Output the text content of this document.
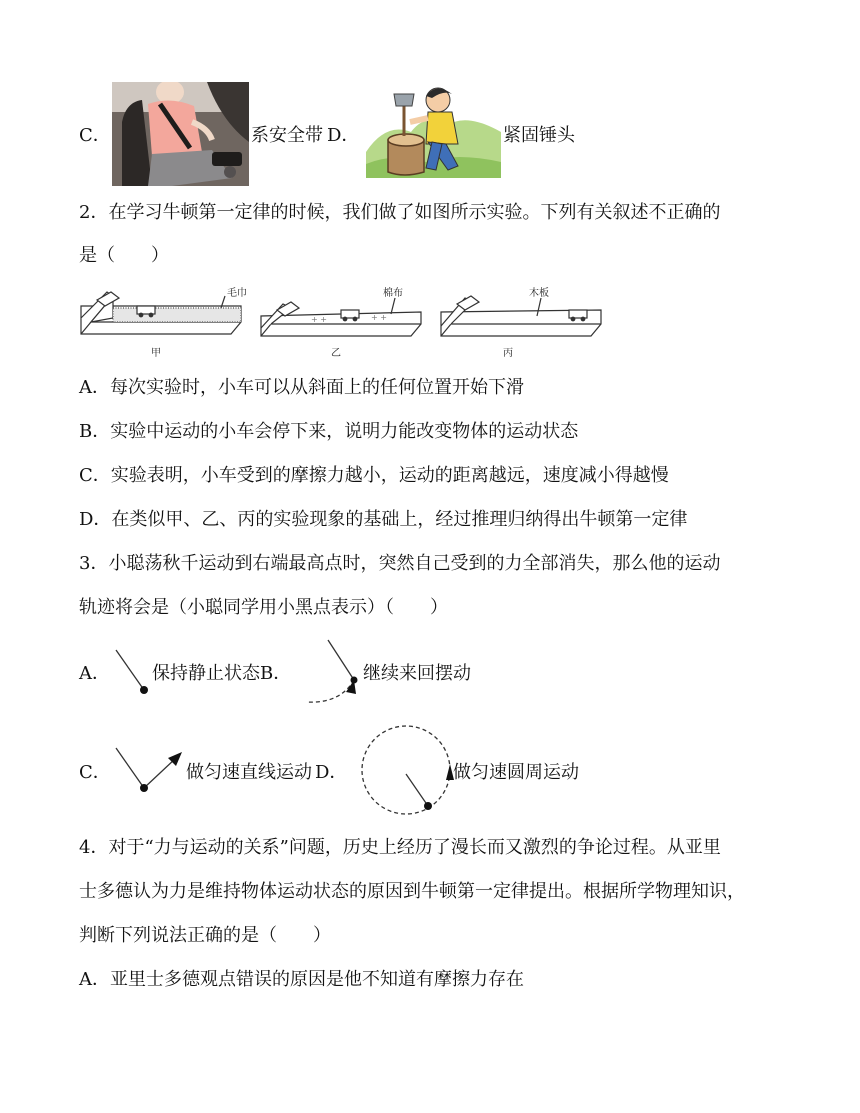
C．	系安全带 D．	紧固锤头
2．在学习牛顿第一定律的时候，我们做了如图所示实验。下列有关叙述不正确的
是（　　）
毛巾
甲
+ +	+ +
棉布
乙
木板
丙
A．每次实验时，小车可以从斜面上的任何位置开始下滑
B．实验中运动的小车会停下来，说明力能改变物体的运动状态
C．实验表明，小车受到的摩擦力越小，运动的距离越远，速度减小得越慢
D．在类似甲、乙、丙的实验现象的基础上，经过推理归纳得出牛顿第一定律
3．小聪荡秋千运动到右端最高点时，突然自己受到的力全部消失，那么他的运动
轨迹将会是（小聪同学用小黑点表示）（　　）
A． 保持静止状态 B．	继续来回摆动
C．	做匀速直线运动 D．	做匀速圆周运动
4．对于“力与运动的关系”问题，历史上经历了漫长而又激烈的争论过程。从亚里
士多德认为力是维持物体运动状态的原因到牛顿第一定律提出。根据所学物理知识，
判断下列说法正确的是（　　）
A．亚里士多德观点错误的原因是他不知道有摩擦力存在
